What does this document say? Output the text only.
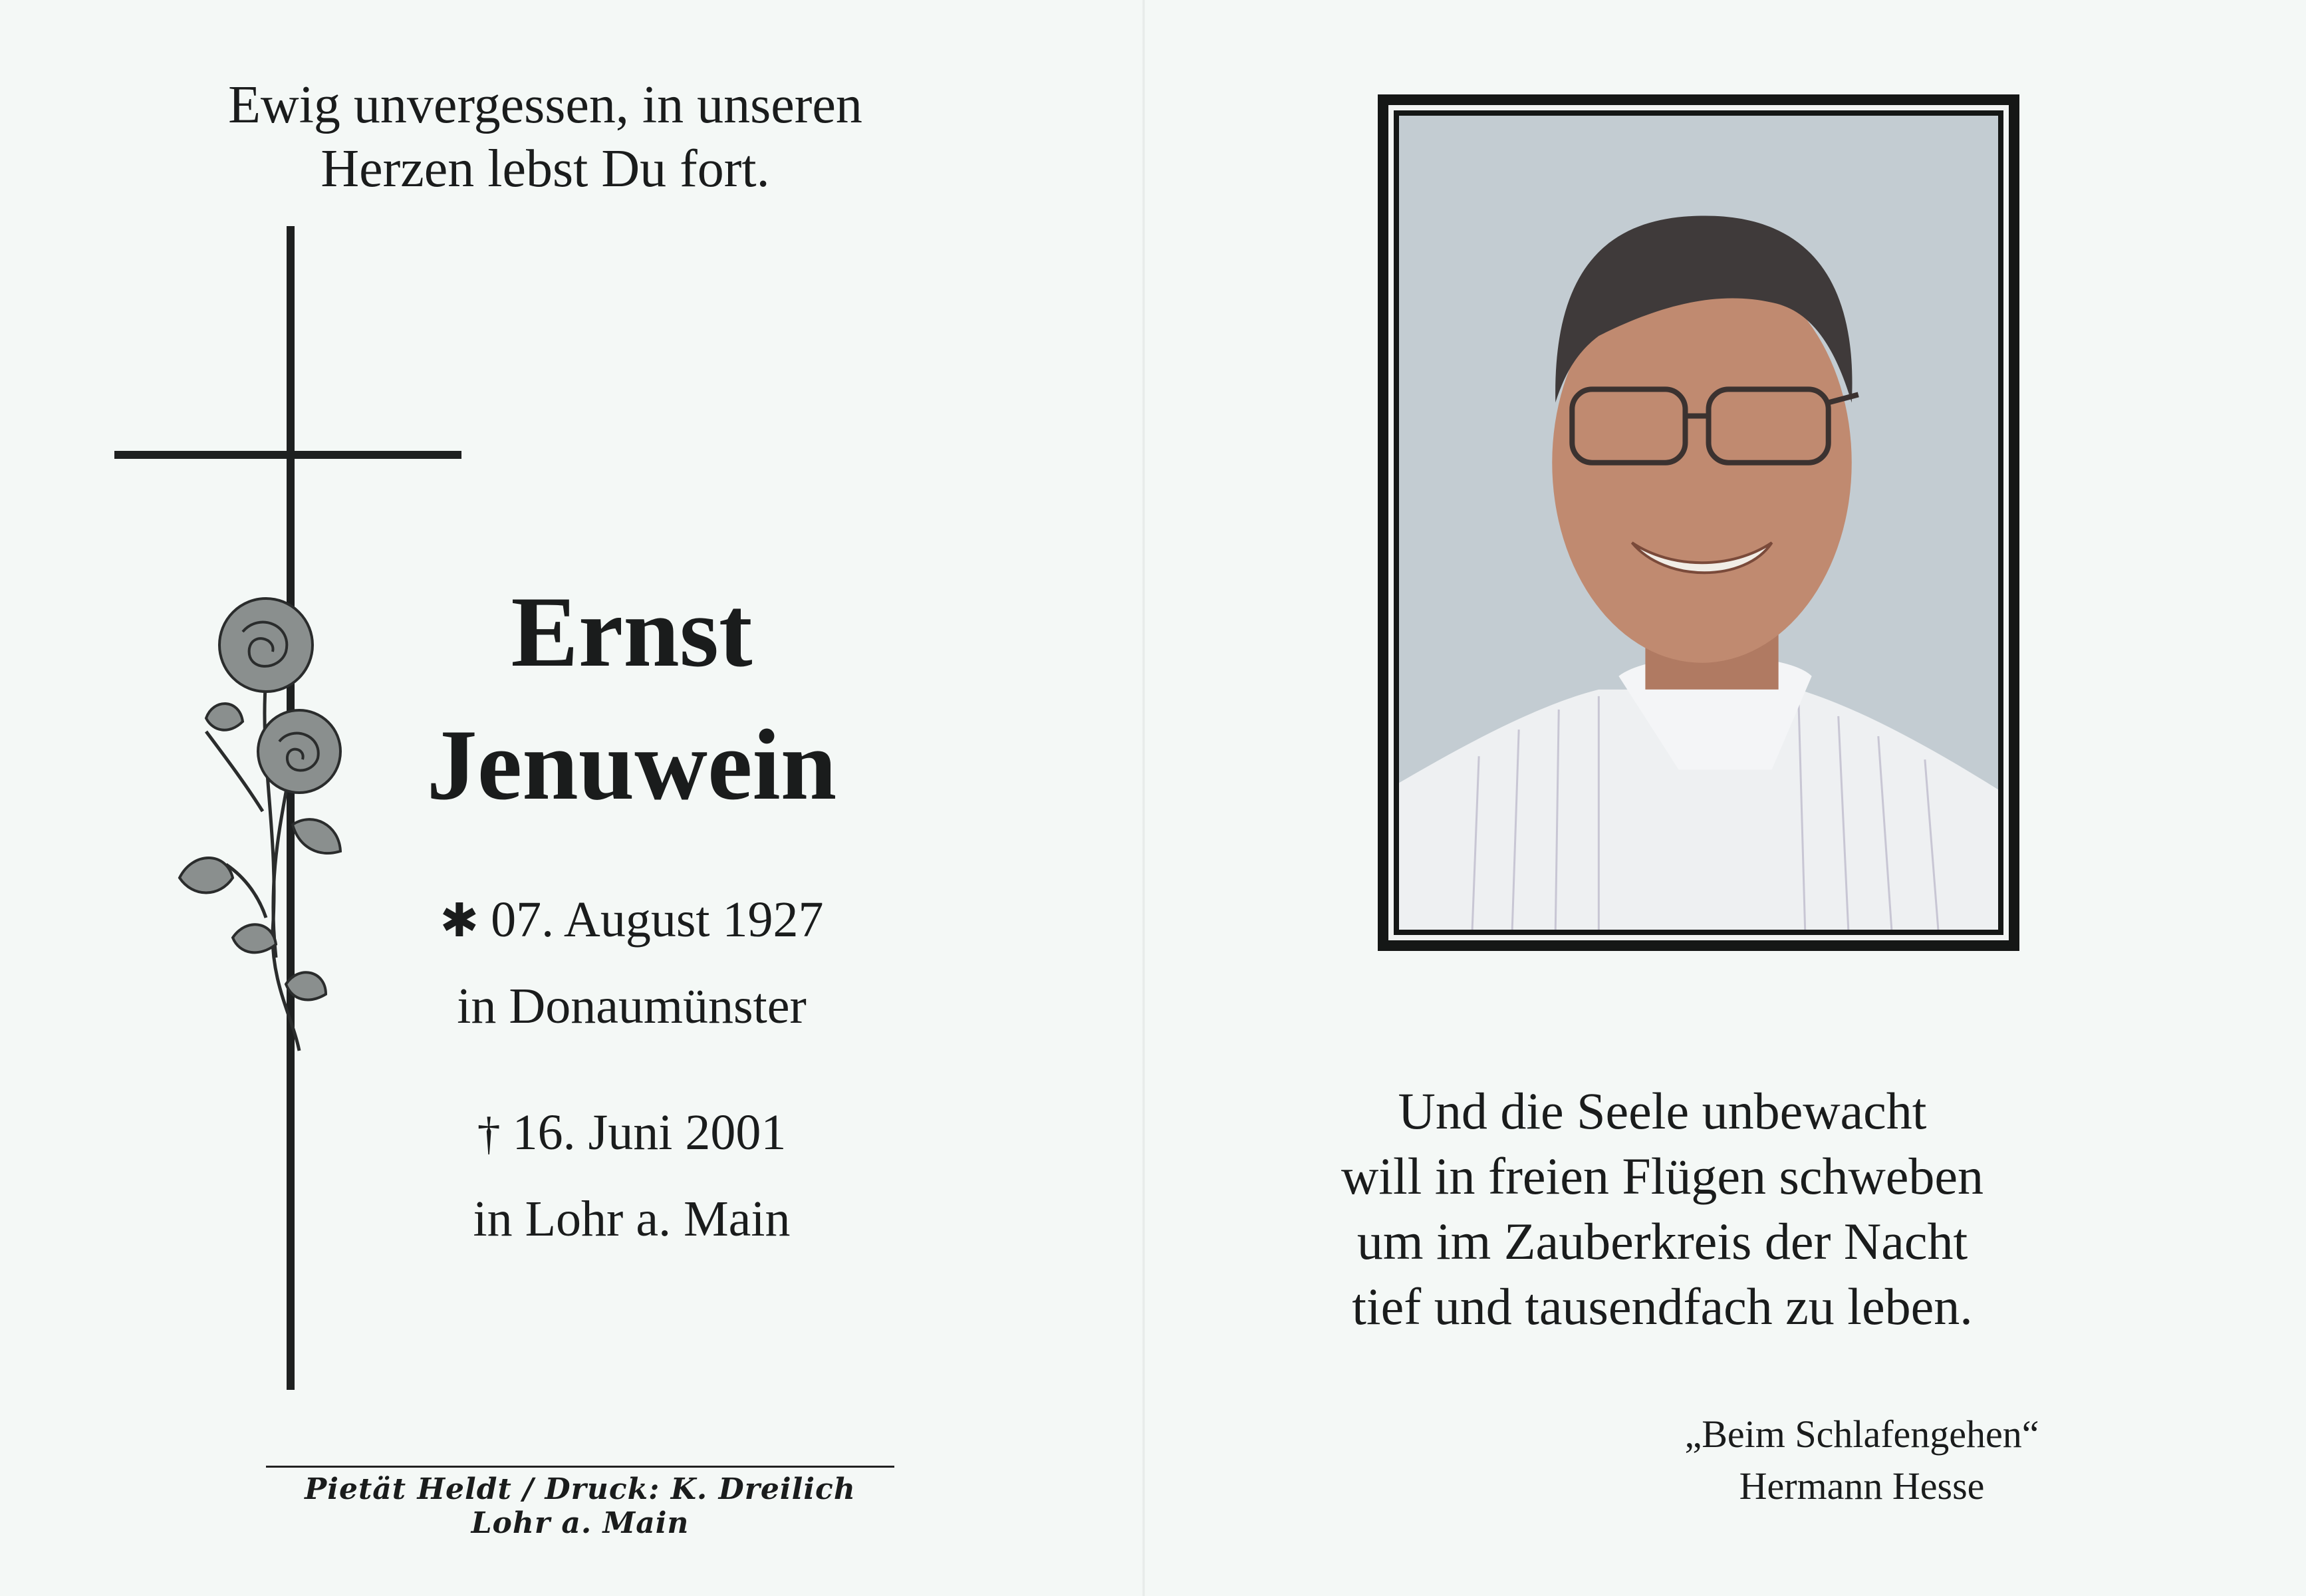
Ewig unvergessen, in unseren
Herzen lebst Du fort.
Ernst
Jenuwein
✱ 07. August 1927
in Donaumünster
† 16. Juni 2001
in Lohr a. Main
Pietät Heldt / Druck: K. Dreilich Lohr a. Main
Und die Seele unbewacht
will in freien Flügen schweben
um im Zauberkreis der Nacht
tief und tausendfach zu leben.
„Beim Schlafengehen“
Hermann Hesse
